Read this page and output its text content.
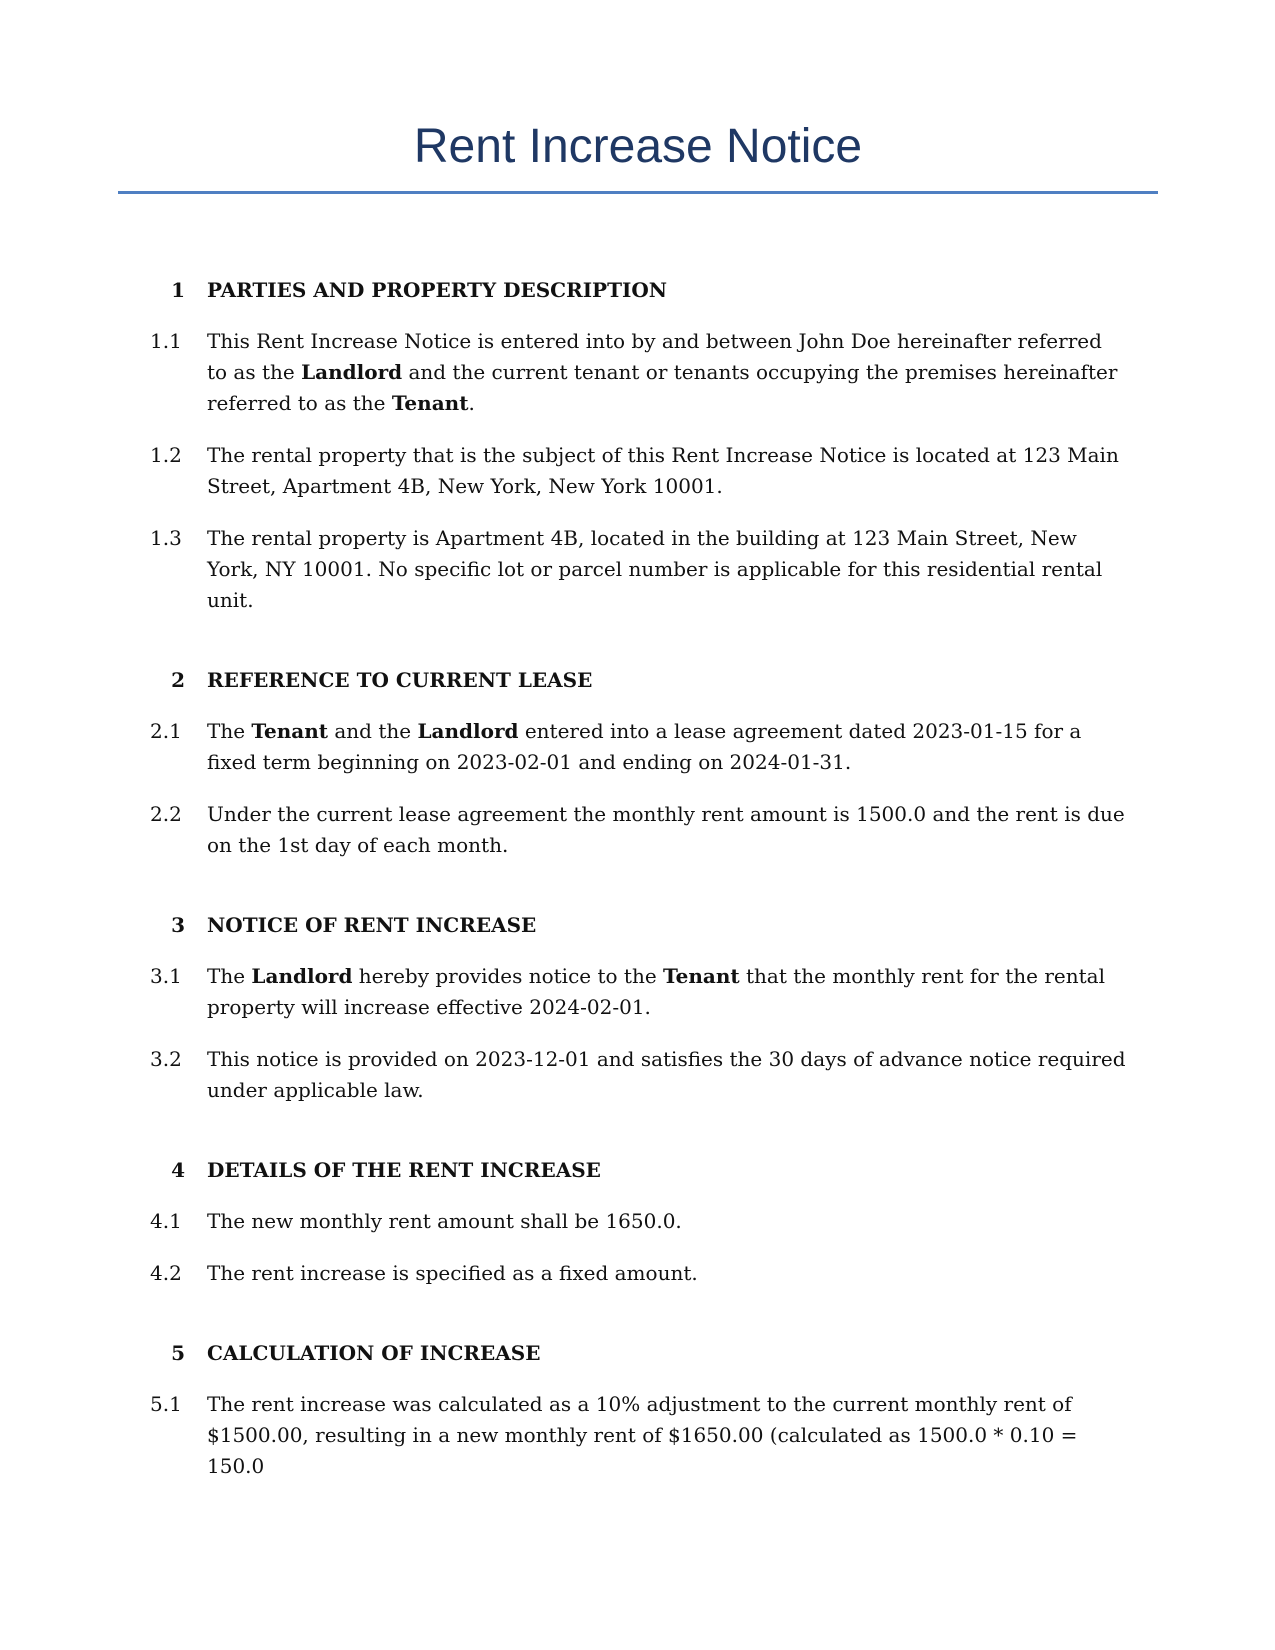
Rent Increase Notice
1 PARTIES AND PROPERTY DESCRIPTION
1.1 This Rent Increase Notice is entered into by and between John Doe hereinafter referred to as the Landlord and the current tenant or tenants occupying the premises hereinafter referred to as the Tenant.
1.2 The rental property that is the subject of this Rent Increase Notice is located at 123 Main Street, Apartment 4B, New York, New York 10001.
1.3 The rental property is Apartment 4B, located in the building at 123 Main Street, New York, NY 10001. No specific lot or parcel number is applicable for this residential rental unit.
2 REFERENCE TO CURRENT LEASE
2.1 The Tenant and the Landlord entered into a lease agreement dated 2023-01-15 for a fixed term beginning on 2023-02-01 and ending on 2024-01-31.
2.2 Under the current lease agreement the monthly rent amount is 1500.0 and the rent is due on the 1st day of each month.
3 NOTICE OF RENT INCREASE
3.1 The Landlord hereby provides notice to the Tenant that the monthly rent for the rental property will increase effective 2024-02-01.
3.2 This notice is provided on 2023-12-01 and satisfies the 30 days of advance notice required under applicable law.
4 DETAILS OF THE RENT INCREASE
4.1 The new monthly rent amount shall be 1650.0.
4.2 The rent increase is specified as a fixed amount.
5 CALCULATION OF INCREASE
5.1 The rent increase was calculated as a 10% adjustment to the current monthly rent of $1500.00, resulting in a new monthly rent of $1650.00 (calculated as 1500.0 * 0.10 = 150.0
